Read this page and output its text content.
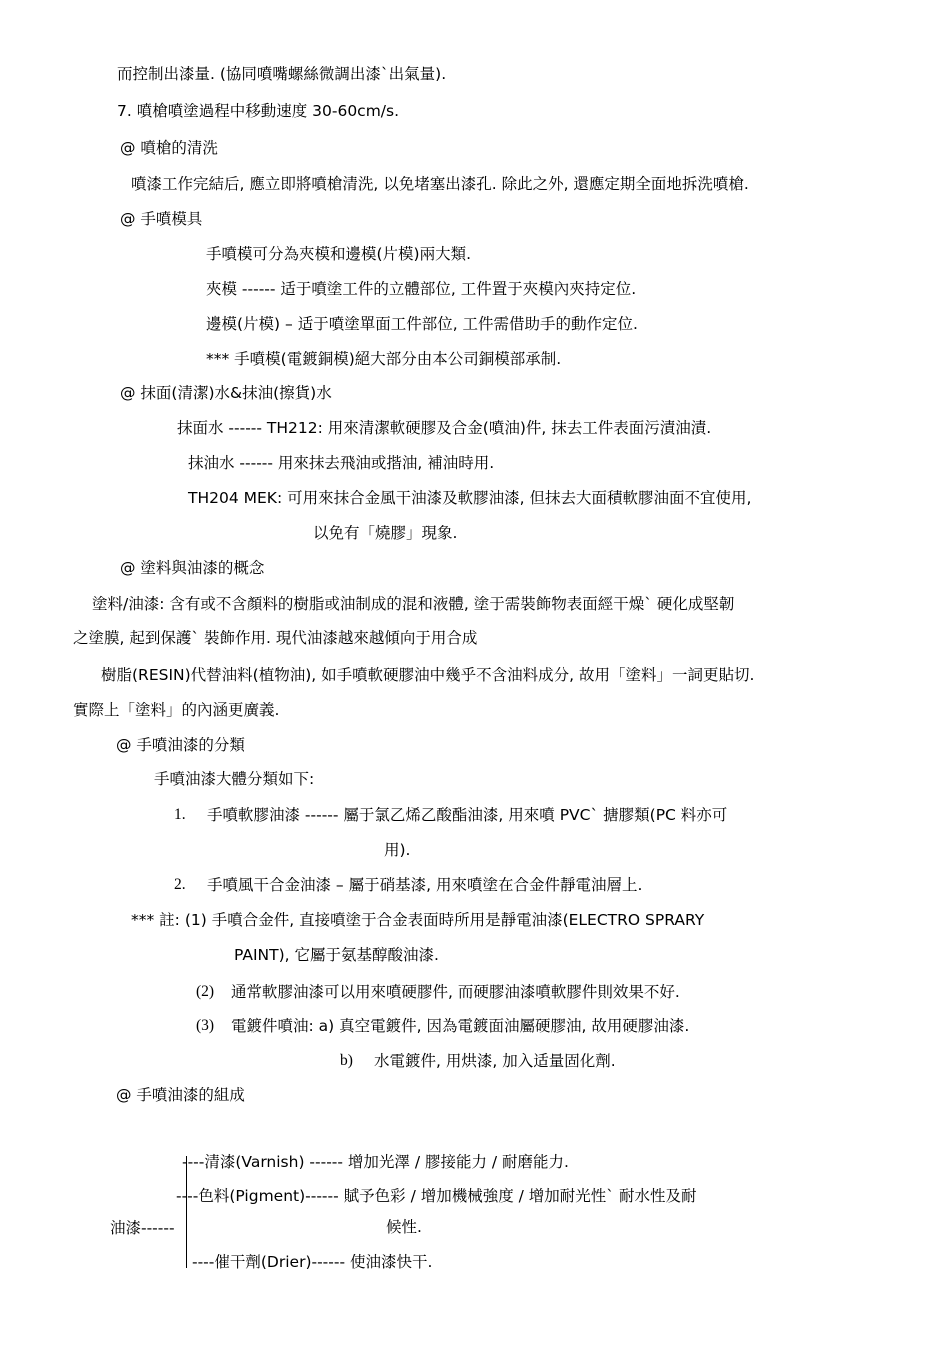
而控制出漆量. (協同噴嘴螺絲微調出漆`出氣量).
7. 噴槍噴塗過程中移動速度 30-60cm/s.
@ 噴槍的清洗
噴漆工作完結后, 應立即將噴槍清洗, 以免堵塞出漆孔. 除此之外, 還應定期全面地拆洗噴槍.
@ 手噴模具
手噴模可分為夾模和邊模(片模)兩大類.
夾模 ------ 适于噴塗工件的立體部位, 工件置于夾模內夾持定位.
邊模(片模) – 适于噴塗單面工件部位, 工件需借助手的動作定位.
*** 手噴模(電鍍銅模)絕大部分由本公司銅模部承制.
@ 抹面(清潔)水&抹油(擦貨)水
抹面水 ------ TH212: 用來清潔軟硬膠及合金(噴油)件, 抹去工件表面污漬油漬.
抹油水 ------ 用來抹去飛油或揩油, 補油時用.
TH204 MEK: 可用來抹合金風干油漆及軟膠油漆, 但抹去大面積軟膠油面不宜使用,
以免有「燒膠」現象.
@ 塗料與油漆的概念
塗料/油漆: 含有或不含顏料的樹脂或油制成的混和液體, 塗于需裝飾物表面經干燥` 硬化成堅韌
之塗膜, 起到保護` 裝飾作用. 現代油漆越來越傾向于用合成
樹脂(RESIN)代替油料(植物油), 如手噴軟硬膠油中幾乎不含油料成分, 故用「塗料」一詞更貼切.
實際上「塗料」的內涵更廣義.
@ 手噴油漆的分類
手噴油漆大體分類如下:
1. 手噴軟膠油漆 ------ 屬于氯乙烯乙酸酯油漆, 用來噴 PVC` 搪膠類(PC 料亦可
用).
2. 手噴風干合金油漆 – 屬于硝基漆, 用來噴塗在合金件靜電油層上.
*** 註: (1) 手噴合金件, 直接噴塗于合金表面時所用是靜電油漆(ELECTRO SPRARY
PAINT), 它屬于氨基醇酸油漆.
(2) 通常軟膠油漆可以用來噴硬膠件, 而硬膠油漆噴軟膠件則效果不好.
(3) 電鍍件噴油: a) 真空電鍍件, 因為電鍍面油屬硬膠油, 故用硬膠油漆.
b) 水電鍍件, 用烘漆, 加入适量固化劑.
@ 手噴油漆的組成
----清漆(Varnish) ------ 增加光澤 / 膠接能力 / 耐磨能力.
----色料(Pigment)------ 賦予色彩 / 增加機械強度 / 增加耐光性` 耐水性及耐
候性.
油漆------
----催干劑(Drier)------ 使油漆快干.
